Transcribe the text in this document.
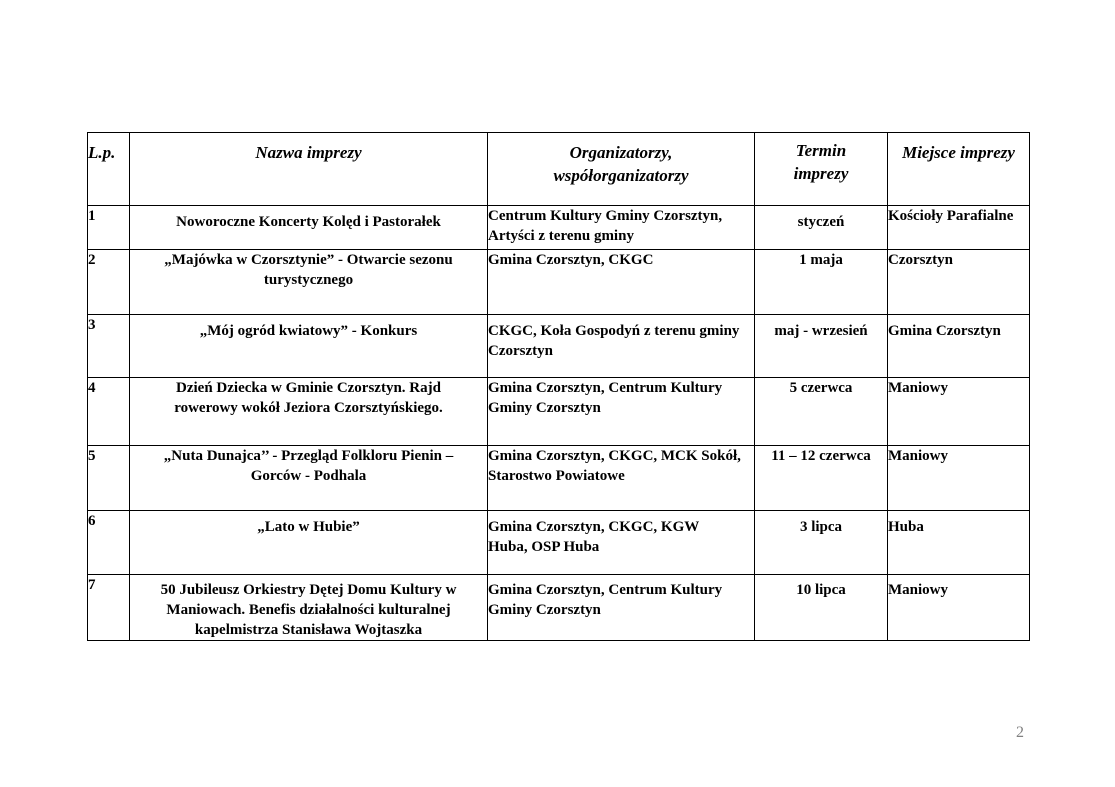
L.p.	Nazwa imprezy	Organizatorzy, współorganizatorzy	Termin imprezy	Miejsce imprezy
1	Noworoczne Koncerty Kolęd i Pastorałek	Centrum Kultury Gminy Czorsztyn, Artyści z terenu gminy	styczeń	Kościoły Parafialne
2	„Majówka w Czorsztynie” - Otwarcie sezonu turystycznego	Gmina Czorsztyn, CKGC	1 maja	Czorsztyn
3	„Mój ogród kwiatowy” - Konkurs	CKGC, Koła Gospodyń z terenu gminy Czorsztyn	maj - wrzesień	Gmina Czorsztyn
4	Dzień Dziecka w Gminie Czorsztyn. Rajd rowerowy wokół Jeziora Czorsztyńskiego.	Gmina Czorsztyn, Centrum Kultury Gminy Czorsztyn	5 czerwca	Maniowy
5	„Nuta Dunajca’’ - Przegląd Folkloru Pienin – Gorców - Podhala	Gmina Czorsztyn, CKGC, MCK Sokół, Starostwo Powiatowe	11 – 12 czerwca	Maniowy
6	„Lato w Hubie”	Gmina Czorsztyn, CKGC, KGW Huba, OSP Huba	3 lipca	Huba
7	50 Jubileusz Orkiestry Dętej Domu Kultury w Maniowach. Benefis działalności kulturalnej kapelmistrza Stanisława Wojtaszka	Gmina Czorsztyn, Centrum Kultury Gminy Czorsztyn	10 lipca	Maniowy
2
